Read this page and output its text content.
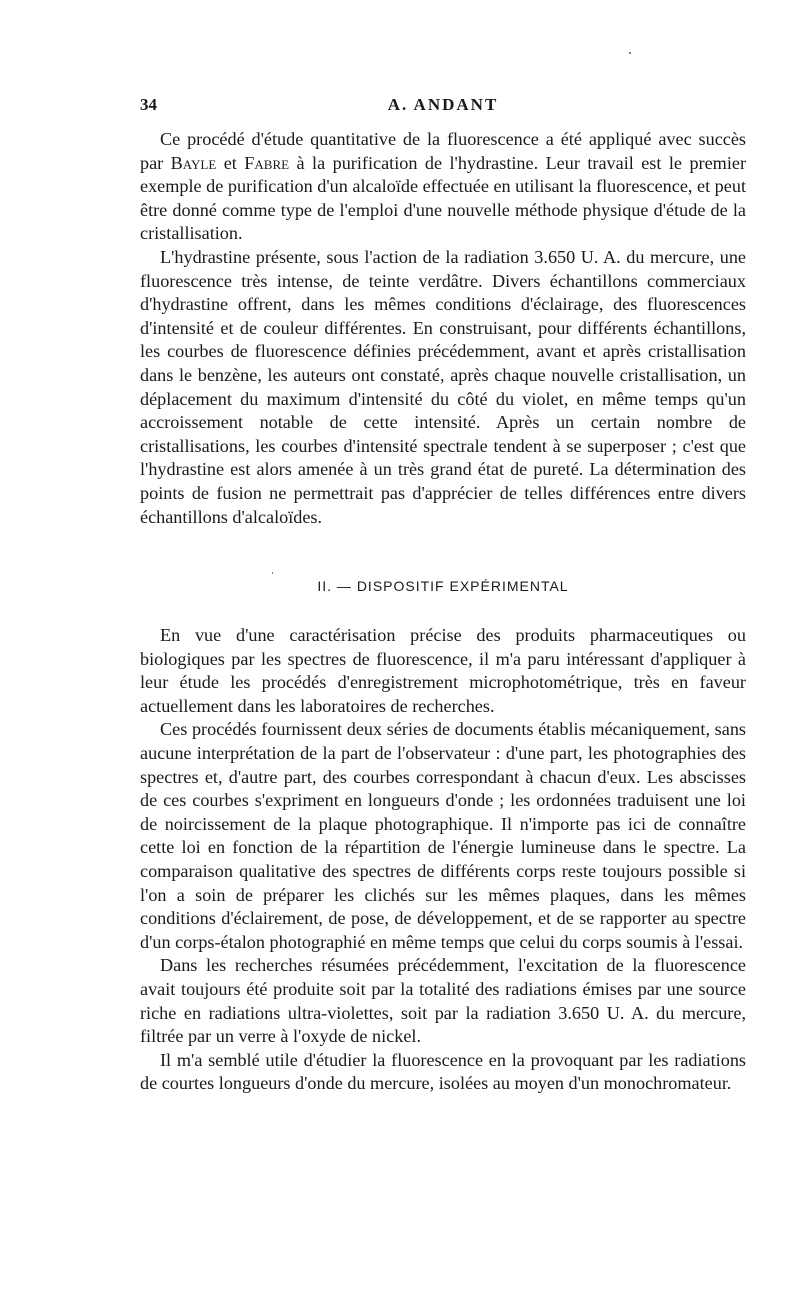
34	A. ANDANT

Ce procédé d'étude quantitative de la fluorescence a été appliqué avec succès par Bayle et Fabre à la purification de l'hydrastine. Leur travail est le premier exemple de purification d'un alcaloïde effectuée en utilisant la fluorescence, et peut être donné comme type de l'emploi d'une nouvelle méthode physique d'étude de la cristallisation.

L'hydrastine présente, sous l'action de la radiation 3.650 U. A. du mercure, une fluorescence très intense, de teinte verdâtre. Divers échantillons commerciaux d'hydrastine offrent, dans les mêmes conditions d'éclairage, des fluorescences d'intensité et de couleur différentes. En construisant, pour différents échantillons, les courbes de fluorescence définies précédemment, avant et après cristallisation dans le benzène, les auteurs ont constaté, après chaque nouvelle cristallisation, un déplacement du maximum d'intensité du côté du violet, en même temps qu'un accroissement notable de cette intensité. Après un certain nombre de cristallisations, les courbes d'intensité spectrale tendent à se superposer ; c'est que l'hydrastine est alors amenée à un très grand état de pureté. La détermination des points de fusion ne permettrait pas d'apprécier de telles différences entre divers échantillons d'alcaloïdes.

II. — DISPOSITIF EXPÉRIMENTAL

En vue d'une caractérisation précise des produits pharmaceutiques ou biologiques par les spectres de fluorescence, il m'a paru intéressant d'appliquer à leur étude les procédés d'enregistrement microphotométrique, très en faveur actuellement dans les laboratoires de recherches.

Ces procédés fournissent deux séries de documents établis mécaniquement, sans aucune interprétation de la part de l'observateur : d'une part, les photographies des spectres et, d'autre part, des courbes correspondant à chacun d'eux. Les abscisses de ces courbes s'expriment en longueurs d'onde ; les ordonnées traduisent une loi de noircissement de la plaque photographique. Il n'importe pas ici de connaître cette loi en fonction de la répartition de l'énergie lumineuse dans le spectre. La comparaison qualitative des spectres de différents corps reste toujours possible si l'on a soin de préparer les clichés sur les mêmes plaques, dans les mêmes conditions d'éclairement, de pose, de développement, et de se rapporter au spectre d'un corps-étalon photographié en même temps que celui du corps soumis à l'essai.

Dans les recherches résumées précédemment, l'excitation de la fluorescence avait toujours été produite soit par la totalité des radiations émises par une source riche en radiations ultra-violettes, soit par la radiation 3.650 U. A. du mercure, filtrée par un verre à l'oxyde de nickel.

Il m'a semblé utile d'étudier la fluorescence en la provoquant par les radiations de courtes longueurs d'onde du mercure, isolées au moyen d'un monochromateur.
